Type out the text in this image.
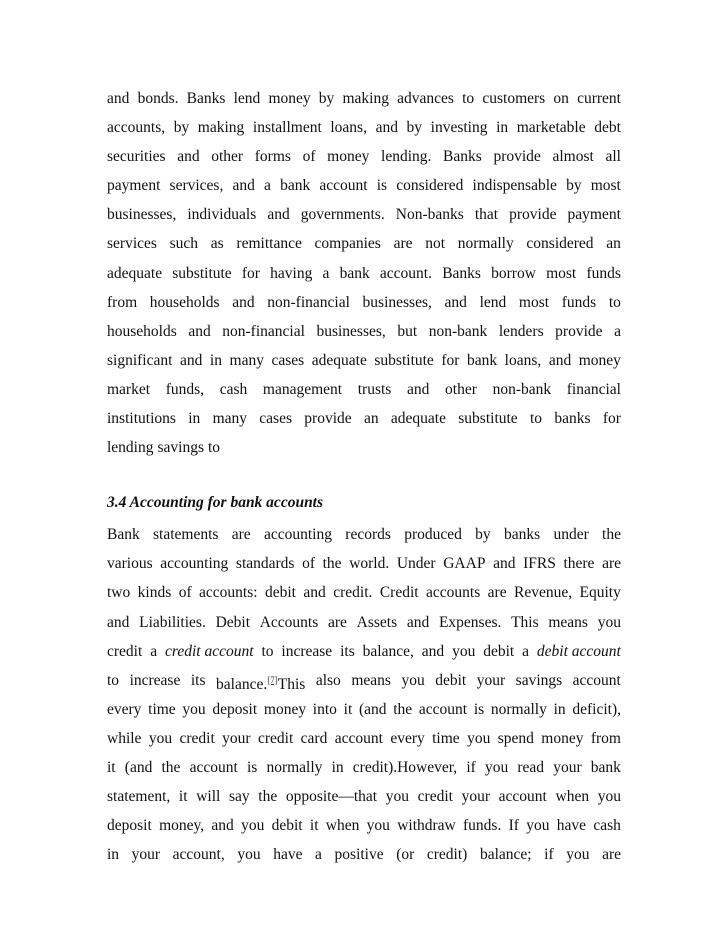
and bonds. Banks lend money by making advances to customers on current
accounts, by making installment loans, and by investing in marketable debt
securities and other forms of money lending. Banks provide almost all
payment services, and a bank account is considered indispensable by most
businesses, individuals and governments. Non-banks that provide payment
services such as remittance companies are not normally considered an
adequate substitute for having a bank account. Banks borrow most funds
from households and non-financial businesses, and lend most funds to
households and non-financial businesses, but non-bank lenders provide a
significant and in many cases adequate substitute for bank loans, and money
market funds, cash management trusts and other non-bank financial
institutions in many cases provide an adequate substitute to banks for
lending savings to
3.4 Accounting for bank accounts
Bank statements are accounting records produced by banks under the
various accounting standards of the world. Under GAAP and IFRS there are
two kinds of accounts: debit and credit. Credit accounts are Revenue, Equity
and Liabilities. Debit Accounts are Assets and Expenses. This means you
credit a credit account to increase its balance, and you debit a debit account
to increase its balance.[7]This also means you debit your savings account
every time you deposit money into it (and the account is normally in deficit),
while you credit your credit card account every time you spend money from
it (and the account is normally in credit).However, if you read your bank
statement, it will say the opposite—that you credit your account when you
deposit money, and you debit it when you withdraw funds. If you have cash
in your account, you have a positive (or credit) balance; if you are
